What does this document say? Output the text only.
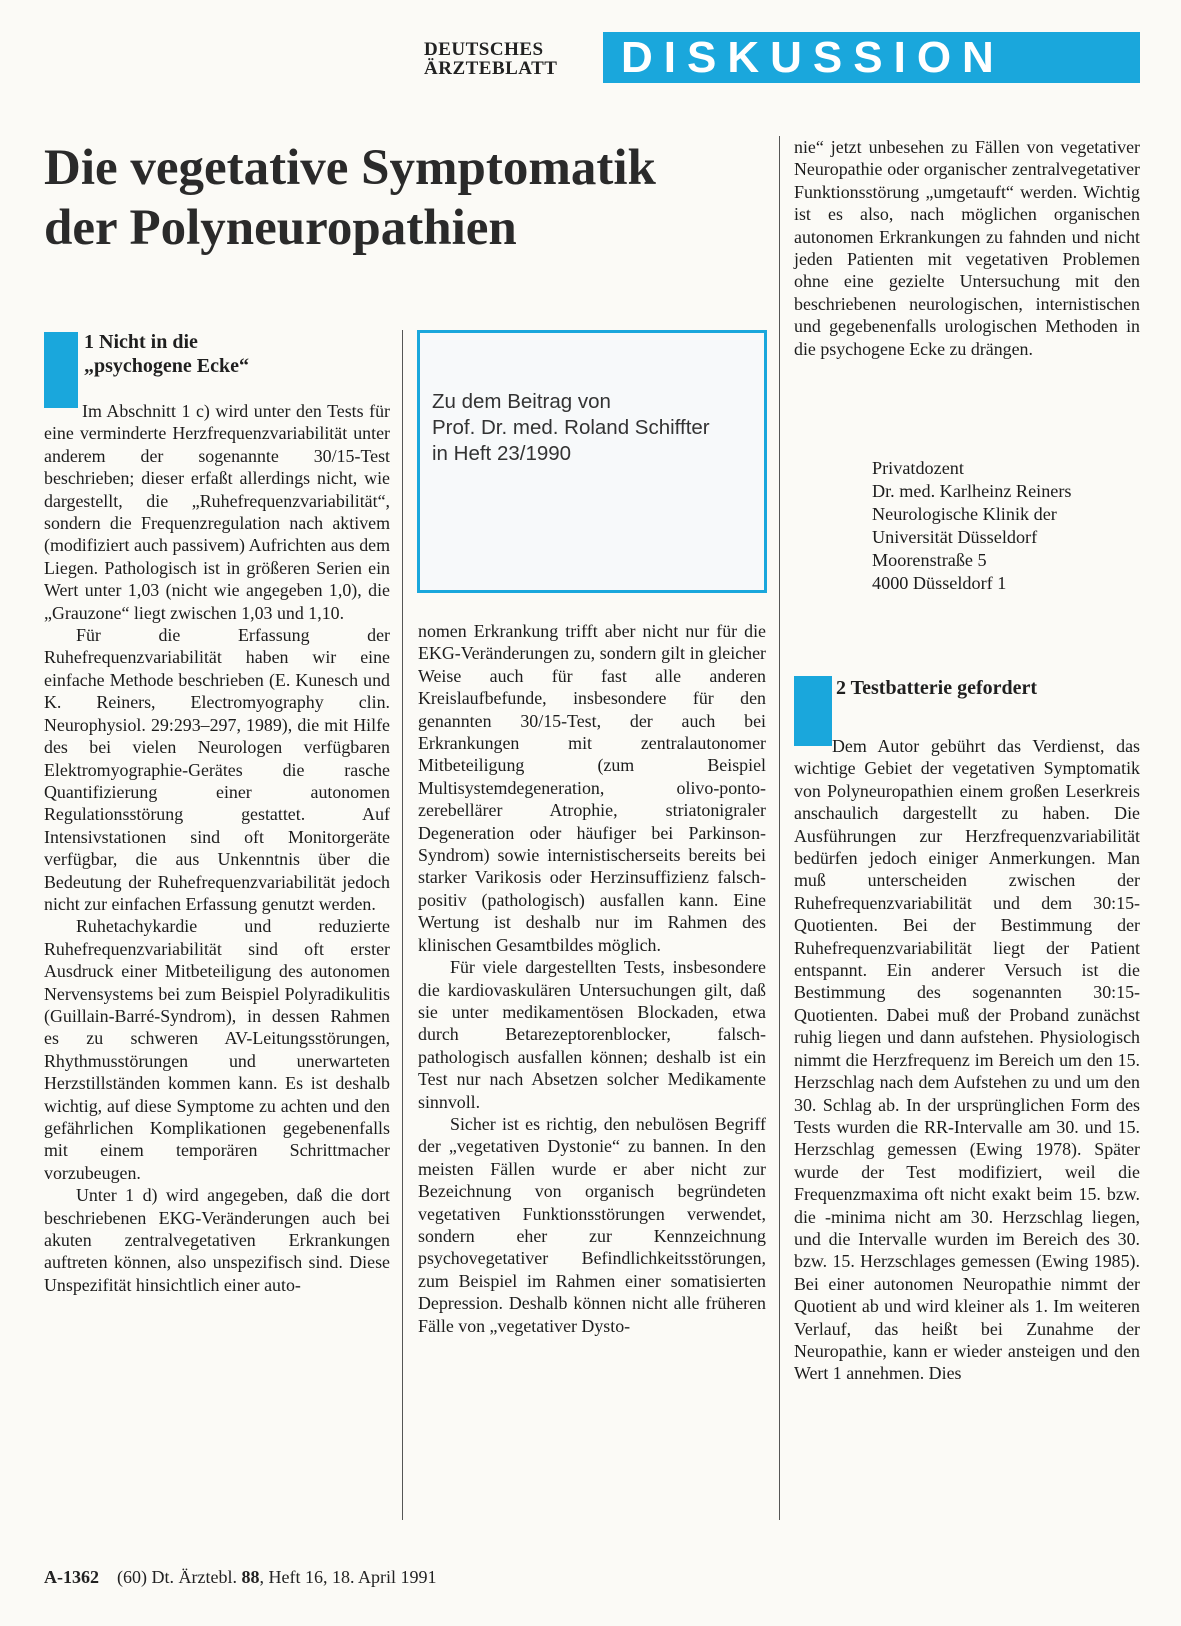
DEUTSCHES
ÄRZTEBLATT	DISKUSSION
Die vegetative Symptomatik
der Polyneuropathien
1 Nicht in die
„psychogene Ecke“

Im Abschnitt 1 c) wird unter den Tests für eine verminderte Herzfrequenzvariabilität unter anderem der sogenannte 30/15-Test beschrieben; dieser erfaßt allerdings nicht, wie dargestellt, die „Ruhefrequenzvariabilität“, sondern die Frequenzregulation nach aktivem (modifiziert auch passivem) Aufrichten aus dem Liegen. Pathologisch ist in größeren Serien ein Wert unter 1,03 (nicht wie angegeben 1,0), die „Grauzone“ liegt zwischen 1,03 und 1,10.

Für die Erfassung der Ruhefrequenzvariabilität haben wir eine einfache Methode beschrieben (E. Kunesch und K. Reiners, Electromyography clin. Neurophysiol. 29:293–297, 1989), die mit Hilfe des bei vielen Neurologen verfügbaren Elektromyographie-Gerätes die rasche Quantifizierung einer autonomen Regulationsstörung gestattet. Auf Intensivstationen sind oft Monitorgeräte verfügbar, die aus Unkenntnis über die Bedeutung der Ruhefrequenzvariabilität jedoch nicht zur einfachen Erfassung genutzt werden.

Ruhetachykardie und reduzierte Ruhefrequenzvariabilität sind oft erster Ausdruck einer Mitbeteiligung des autonomen Nervensystems bei zum Beispiel Polyradikulitis (Guillain-Barré-Syndrom), in dessen Rahmen es zu schweren AV-Leitungsstörungen, Rhythmusstörungen und unerwarteten Herzstillständen kommen kann. Es ist deshalb wichtig, auf diese Symptome zu achten und den gefährlichen Komplikationen gegebenenfalls mit einem temporären Schrittmacher vorzubeugen.

Unter 1 d) wird angegeben, daß die dort beschriebenen EKG-Veränderungen auch bei akuten zentralvegetativen Erkrankungen auftreten können, also unspezifisch sind. Diese Unspezifität hinsichtlich einer auto-

Zu dem Beitrag von
Prof. Dr. med. Roland Schiffter
in Heft 23/1990

nomen Erkrankung trifft aber nicht nur für die EKG-Veränderungen zu, sondern gilt in gleicher Weise auch für fast alle anderen Kreislaufbefunde, insbesondere für den genannten 30/15-Test, der auch bei Erkrankungen mit zentralautonomer Mitbeteiligung (zum Beispiel Multisystemdegeneration, olivo-ponto-zerebellärer Atrophie, striatonigraler Degeneration oder häufiger bei Parkinson-Syndrom) sowie internistischerseits bereits bei starker Varikosis oder Herzinsuffizienz falsch-positiv (pathologisch) ausfallen kann. Eine Wertung ist deshalb nur im Rahmen des klinischen Gesamtbildes möglich.

Für viele dargestellten Tests, insbesondere die kardiovaskulären Untersuchungen gilt, daß sie unter medikamentösen Blockaden, etwa durch Betarezeptorenblocker, falsch-pathologisch ausfallen können; deshalb ist ein Test nur nach Absetzen solcher Medikamente sinnvoll.

Sicher ist es richtig, den nebulösen Begriff der „vegetativen Dystonie“ zu bannen. In den meisten Fällen wurde er aber nicht zur Bezeichnung von organisch begründeten vegetativen Funktionsstörungen verwendet, sondern eher zur Kennzeichnung psychovegetativer Befindlichkeitsstörungen, zum Beispiel im Rahmen einer somatisierten Depression. Deshalb können nicht alle früheren Fälle von „vegetativer Dysto-

nie“ jetzt unbesehen zu Fällen von vegetativer Neuropathie oder organischer zentralvegetativer Funktionsstörung „umgetauft“ werden. Wichtig ist es also, nach möglichen organischen autonomen Erkrankungen zu fahnden und nicht jeden Patienten mit vegetativen Problemen ohne eine gezielte Untersuchung mit den beschriebenen neurologischen, internistischen und gegebenenfalls urologischen Methoden in die psychogene Ecke zu drängen.

Privatdozent
Dr. med. Karlheinz Reiners
Neurologische Klinik der
Universität Düsseldorf
Moorenstraße 5
4000 Düsseldorf 1
2 Testbatterie gefordert

Dem Autor gebührt das Verdienst, das wichtige Gebiet der vegetativen Symptomatik von Polyneuropathien einem großen Leserkreis anschaulich dargestellt zu haben. Die Ausführungen zur Herzfrequenzvariabilität bedürfen jedoch einiger Anmerkungen. Man muß unterscheiden zwischen der Ruhefrequenzvariabilität und dem 30:15-Quotienten. Bei der Bestimmung der Ruhefrequenzvariabilität liegt der Patient entspannt. Ein anderer Versuch ist die Bestimmung des sogenannten 30:15-Quotienten. Dabei muß der Proband zunächst ruhig liegen und dann aufstehen. Physiologisch nimmt die Herzfrequenz im Bereich um den 15. Herzschlag nach dem Aufstehen zu und um den 30. Schlag ab. In der ursprünglichen Form des Tests wurden die RR-Intervalle am 30. und 15. Herzschlag gemessen (Ewing 1978). Später wurde der Test modifiziert, weil die Frequenzmaxima oft nicht exakt beim 15. bzw. die -minima nicht am 30. Herzschlag liegen, und die Intervalle wurden im Bereich des 30. bzw. 15. Herzschlages gemessen (Ewing 1985). Bei einer autonomen Neuropathie nimmt der Quotient ab und wird kleiner als 1. Im weiteren Verlauf, das heißt bei Zunahme der Neuropathie, kann er wieder ansteigen und den Wert 1 annehmen. Dies

A-1362 (60) Dt. Ärztebl. 88, Heft 16, 18. April 1991
